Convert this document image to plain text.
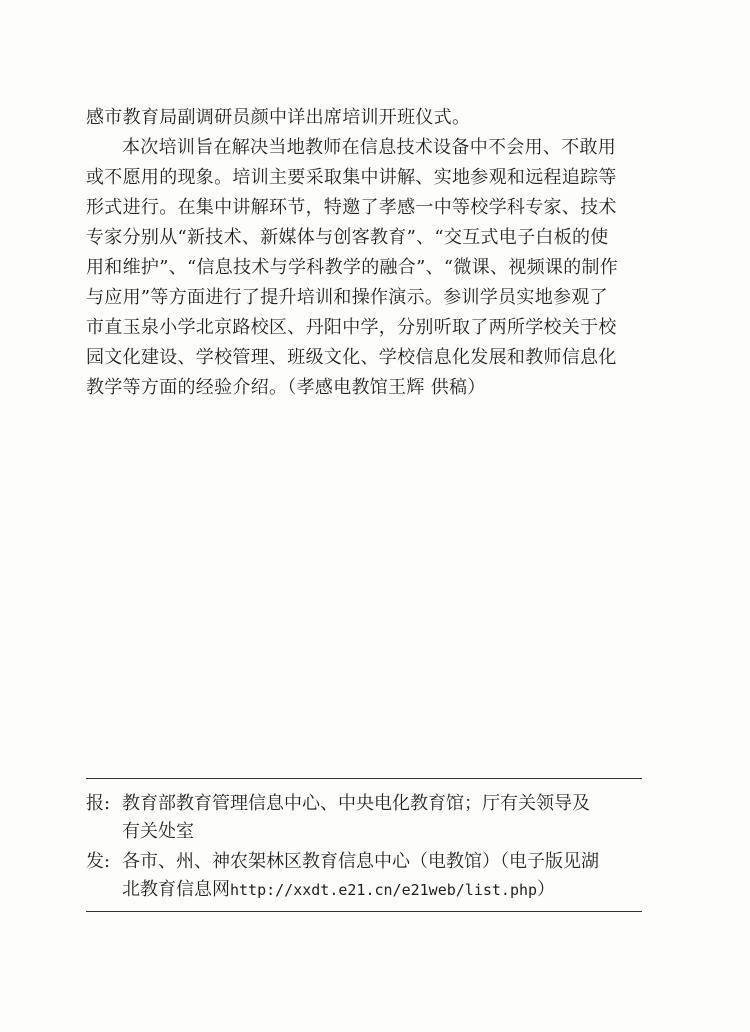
感市教育局副调研员颜中详出席培训开班仪式。
本次培训旨在解决当地教师在信息技术设备中不会用、不敢用
或不愿用的现象。培训主要采取集中讲解、实地参观和远程追踪等
形式进行。在集中讲解环节，特邀了孝感一中等校学科专家、技术
专家分别从“新技术、新媒体与创客教育”、“交互式电子白板的使
用和维护”、“信息技术与学科教学的融合”、“微课、视频课的制作
与应用”等方面进行了提升培训和操作演示。参训学员实地参观了
市直玉泉小学北京路校区、丹阳中学，分别听取了两所学校关于校
园文化建设、学校管理、班级文化、学校信息化发展和教师信息化
教学等方面的经验介绍。（孝感电教馆王辉 供稿）
报: 教育部教育管理信息中心、中央电化教育馆；厅有关领导及
有关处室
发: 各市、州、神农架林区教育信息中心（电教馆）（电子版见湖
北教育信息网http://xxdt.e21.cn/e21web/list.php）
